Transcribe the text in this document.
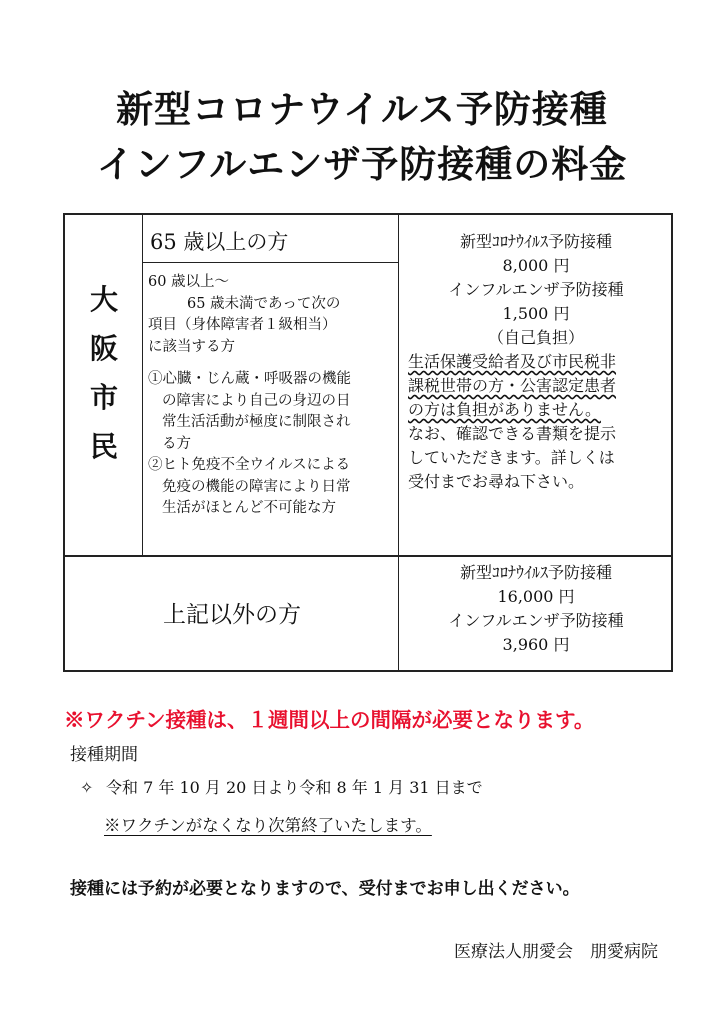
新型コロナウイルス予防接種
インフルエンザ予防接種の料金
大
阪
市
民
65 歳以上の方
60 歳以上～
65 歳未満であって次の
項目（身体障害者１級相当）
に該当する方
①心臓・じん蔵・呼吸器の機能
の障害により自己の身辺の日
常生活活動が極度に制限され
る方
②ヒト免疫不全ウイルスによる
免疫の機能の障害により日常
生活がほとんど不可能な方
新型ｺﾛﾅｳｲﾙｽ予防接種
8,000 円
インフルエンザ予防接種
1,500 円
（自己負担）
生活保護受給者及び市民税非
課税世帯の方・公害認定患者
の方は負担がありません。
なお、確認できる書類を提示
していただきます。詳しくは
受付までお尋ね下さい。
上記以外の方
新型ｺﾛﾅｳｲﾙｽ予防接種
16,000 円
インフルエンザ予防接種
3,960 円
※ワクチン接種は、１週間以上の間隔が必要となります。
接種期間
✧ 令和 7 年 10 月 20 日より令和 8 年 1 月 31 日まで
※ワクチンがなくなり次第終了いたします。
接種には予約が必要となりますので、受付までお申し出ください。
医療法人朋愛会　朋愛病院
